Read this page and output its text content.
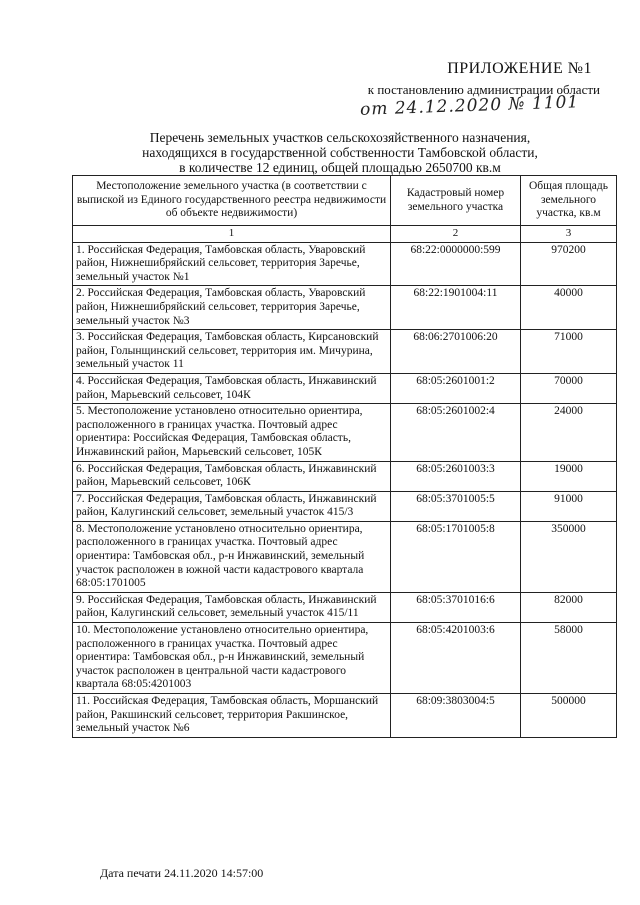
ПРИЛОЖЕНИЕ №1
к постановлению администрации области
от 24.12.2020 № 1101
Перечень земельных участков сельскохозяйственного назначения,
находящихся в государственной собственности Тамбовской области,
в количестве 12 единиц, общей площадью 2650700 кв.м
Местоположение земельного участка (в соответствии с выпиской из Единого государственного реестра недвижимости об объекте недвижимости)	Кадастровый номер земельного участка	Общая площадь земельного участка, кв.м
1	2	3
1. Российская Федерация, Тамбовская область, Уваровский район, Нижнешибряйский сельсовет, территория Заречье, земельный участок №1	68:22:0000000:599	970200
2. Российская Федерация, Тамбовская область, Уваровский район, Нижнешибряйский сельсовет, территория Заречье, земельный участок №3	68:22:1901004:11	40000
3. Российская Федерация, Тамбовская область, Кирсановский район, Голынщинский сельсовет, территория им. Мичурина, земельный участок 11	68:06:2701006:20	71000
4. Российская Федерация, Тамбовская область, Инжавинский район, Марьевский сельсовет, 104К	68:05:2601001:2	70000
5. Местоположение установлено относительно ориентира, расположенного в границах участка. Почтовый адрес ориентира: Российская Федерация, Тамбовская область, Инжавинский район, Марьевский сельсовет, 105К	68:05:2601002:4	24000
6. Российская Федерация, Тамбовская область, Инжавинский район, Марьевский сельсовет, 106К	68:05:2601003:3	19000
7. Российская Федерация, Тамбовская область, Инжавинский район, Калугинский сельсовет, земельный участок 415/3	68:05:3701005:5	91000
8. Местоположение установлено относительно ориентира, расположенного в границах участка. Почтовый адрес ориентира: Тамбовская обл., р-н Инжавинский, земельный участок расположен в южной части кадастрового квартала 68:05:1701005	68:05:1701005:8	350000
9. Российская Федерация, Тамбовская область, Инжавинский район, Калугинский сельсовет, земельный участок 415/11	68:05:3701016:6	82000
10. Местоположение установлено относительно ориентира, расположенного в границах участка. Почтовый адрес ориентира: Тамбовская обл., р-н Инжавинский, земельный участок расположен в центральной части кадастрового квартала 68:05:4201003	68:05:4201003:6	58000
11. Российская Федерация, Тамбовская область, Моршанский район, Ракшинский сельсовет, территория Ракшинское, земельный участок №6	68:09:3803004:5	500000
Дата печати 24.11.2020 14:57:00
